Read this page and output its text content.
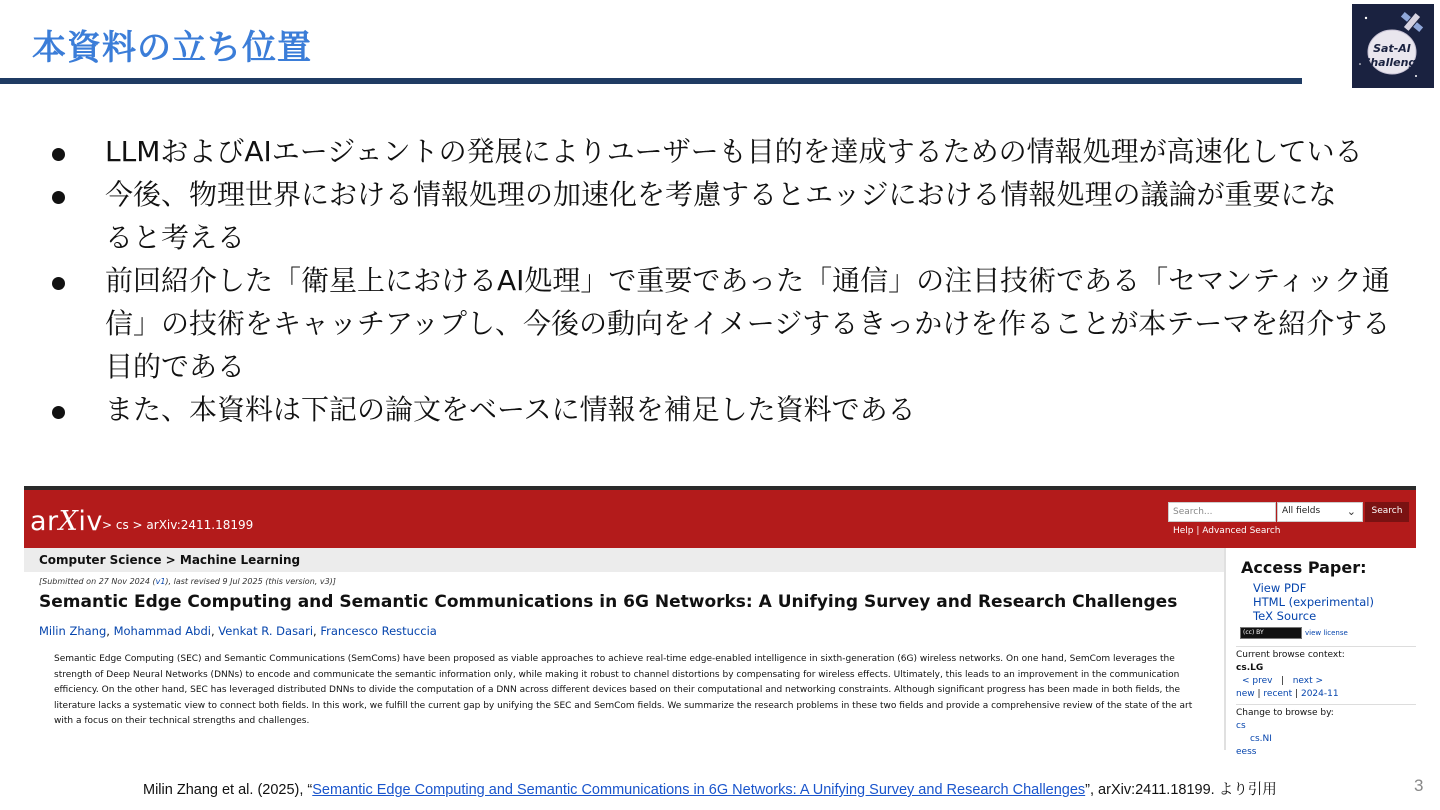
本資料の立ち位置	Sat-AI
Challenge
LLMおよびAIエージェントの発展によりユーザーも目的を達成するための情報処理が高速化している
今後、物理世界における情報処理の加速化を考慮するとエッジにおける情報処理の議論が重要にな
ると考える
前回紹介した「衛星上におけるAI処理」で重要であった「通信」の注目技術である「セマンティック通
信」の技術をキャッチアップし、今後の動向をイメージするきっかけを作ることが本テーマを紹介する
目的である
また、本資料は下記の論文をベースに情報を補足した資料である
arXiv > cs > arXiv:2411.18199
Search...	All fields ⌄	Search
Help | Advanced Search
Computer Science > Machine Learning
[Submitted on 27 Nov 2024 (v1), last revised 9 Jul 2025 (this version, v3)]
Semantic Edge Computing and Semantic Communications in 6G Networks: A Unifying Survey and Research Challenges
Milin Zhang, Mohammad Abdi, Venkat R. Dasari, Francesco Restuccia
Semantic Edge Computing (SEC) and Semantic Communications (SemComs) have been proposed as viable approaches to achieve real-time edge-enabled intelligence in sixth-generation (6G) wireless networks. On one hand, SemCom leverages the strength of Deep Neural Networks (DNNs) to encode and communicate the semantic information only, while making it robust to channel distortions by compensating for wireless effects. Ultimately, this leads to an improvement in the communication efficiency. On the other hand, SEC has leveraged distributed DNNs to divide the computation of a DNN across different devices based on their computational and networking constraints. Although significant progress has been made in both fields, the literature lacks a systematic view to connect both fields. In this work, we fulfill the current gap by unifying the SEC and SemCom fields. We summarize the research problems in these two fields and provide a comprehensive review of the state of the art with a focus on their technical strengths and challenges.
Access Paper:
View PDF
HTML (experimental)
TeX Source
(cc) BY	view license
Current browse context:
cs.LG
< prev | next >
new | recent | 2024-11
Change to browse by:
cs
cs.NI
eess
Milin Zhang et al. (2025), “Semantic Edge Computing and Semantic Communications in 6G Networks: A Unifying Survey and Research Challenges”, arXiv:2411.18199. より引用	3
